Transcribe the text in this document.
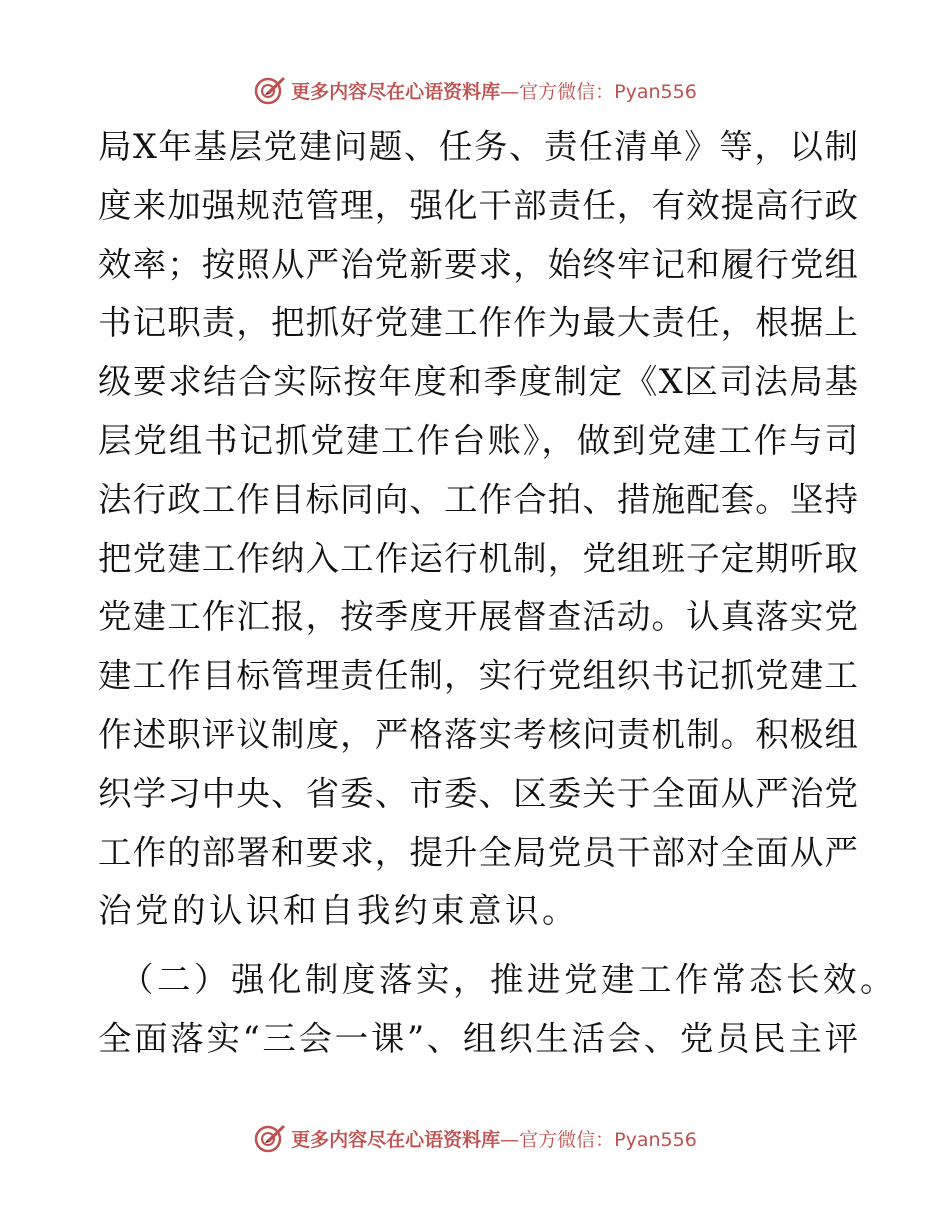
更多内容尽在心语资料库—官方微信：Pyan556
局X年基层党建问题、任务、责任清单》等，以制
度来加强规范管理，强化干部责任，有效提高行政
效率；按照从严治党新要求，始终牢记和履行党组
书记职责，把抓好党建工作作为最大责任，根据上
级要求结合实际按年度和季度制定《X区司法局基
层党组书记抓党建工作台账》，做到党建工作与司
法行政工作目标同向、工作合拍、措施配套。坚持
把党建工作纳入工作运行机制，党组班子定期听取
党建工作汇报，按季度开展督查活动。认真落实党
建工作目标管理责任制，实行党组织书记抓党建工
作述职评议制度，严格落实考核问责机制。积极组
织学习中央、省委、市委、区委关于全面从严治党
工作的部署和要求，提升全局党员干部对全面从严
治党的认识和自我约束意识。
（二）强化制度落实，推进党建工作常态长效。
全面落实“三会一课”、组织生活会、党员民主评
更多内容尽在心语资料库—官方微信：Pyan556
